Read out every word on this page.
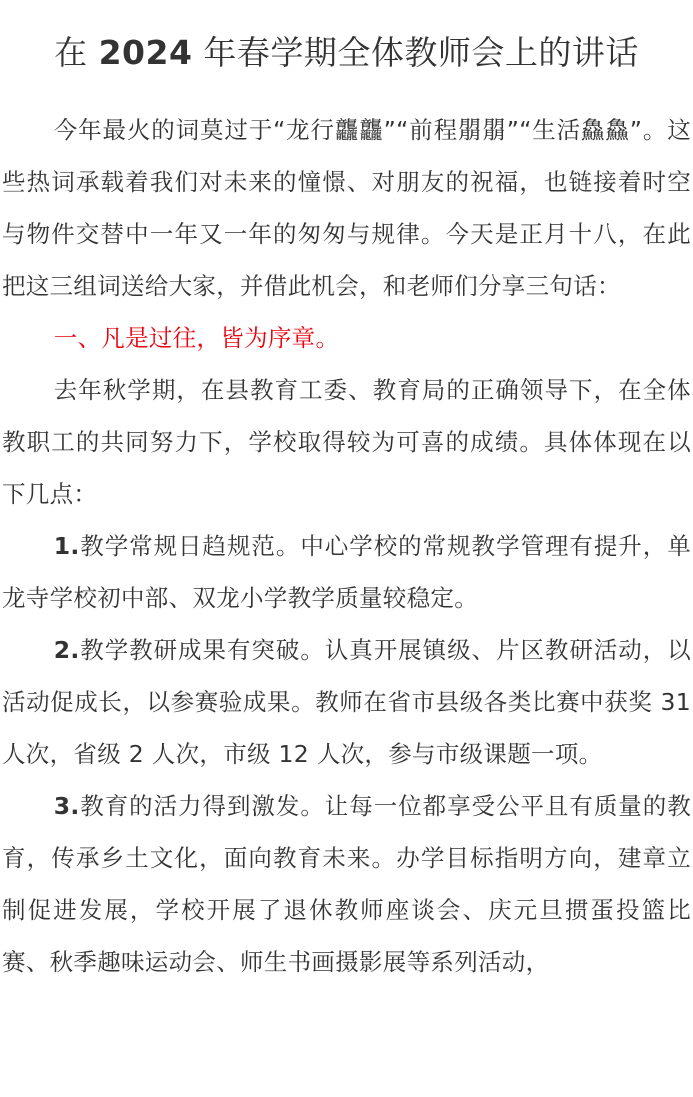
在 2024 年春学期全体教师会上的讲话

今年最火的词莫过于“龙行龘龘”“前程朤朤”“生活鱻鱻”。这些热词承载着我们对未来的憧憬、对朋友的祝福，也链接着时空与物件交替中一年又一年的匆匆与规律。今天是正月十八，在此把这三组词送给大家，并借此机会，和老师们分享三句话：

一、凡是过往，皆为序章。

去年秋学期，在县教育工委、教育局的正确领导下，在全体教职工的共同努力下，学校取得较为可喜的成绩。具体体现在以下几点：

1.教学常规日趋规范。中心学校的常规教学管理有提升，单龙寺学校初中部、双龙小学教学质量较稳定。

2.教学教研成果有突破。认真开展镇级、片区教研活动，以活动促成长，以参赛验成果。教师在省市县级各类比赛中获奖 31 人次，省级 2 人次，市级 12 人次，参与市级课题一项。

3.教育的活力得到激发。让每一位都享受公平且有质量的教育，传承乡土文化，面向教育未来。办学目标指明方向，建章立制促进发展，学校开展了退休教师座谈会、庆元旦掼蛋投篮比赛、秋季趣味运动会、师生书画摄影展等系列活动，
